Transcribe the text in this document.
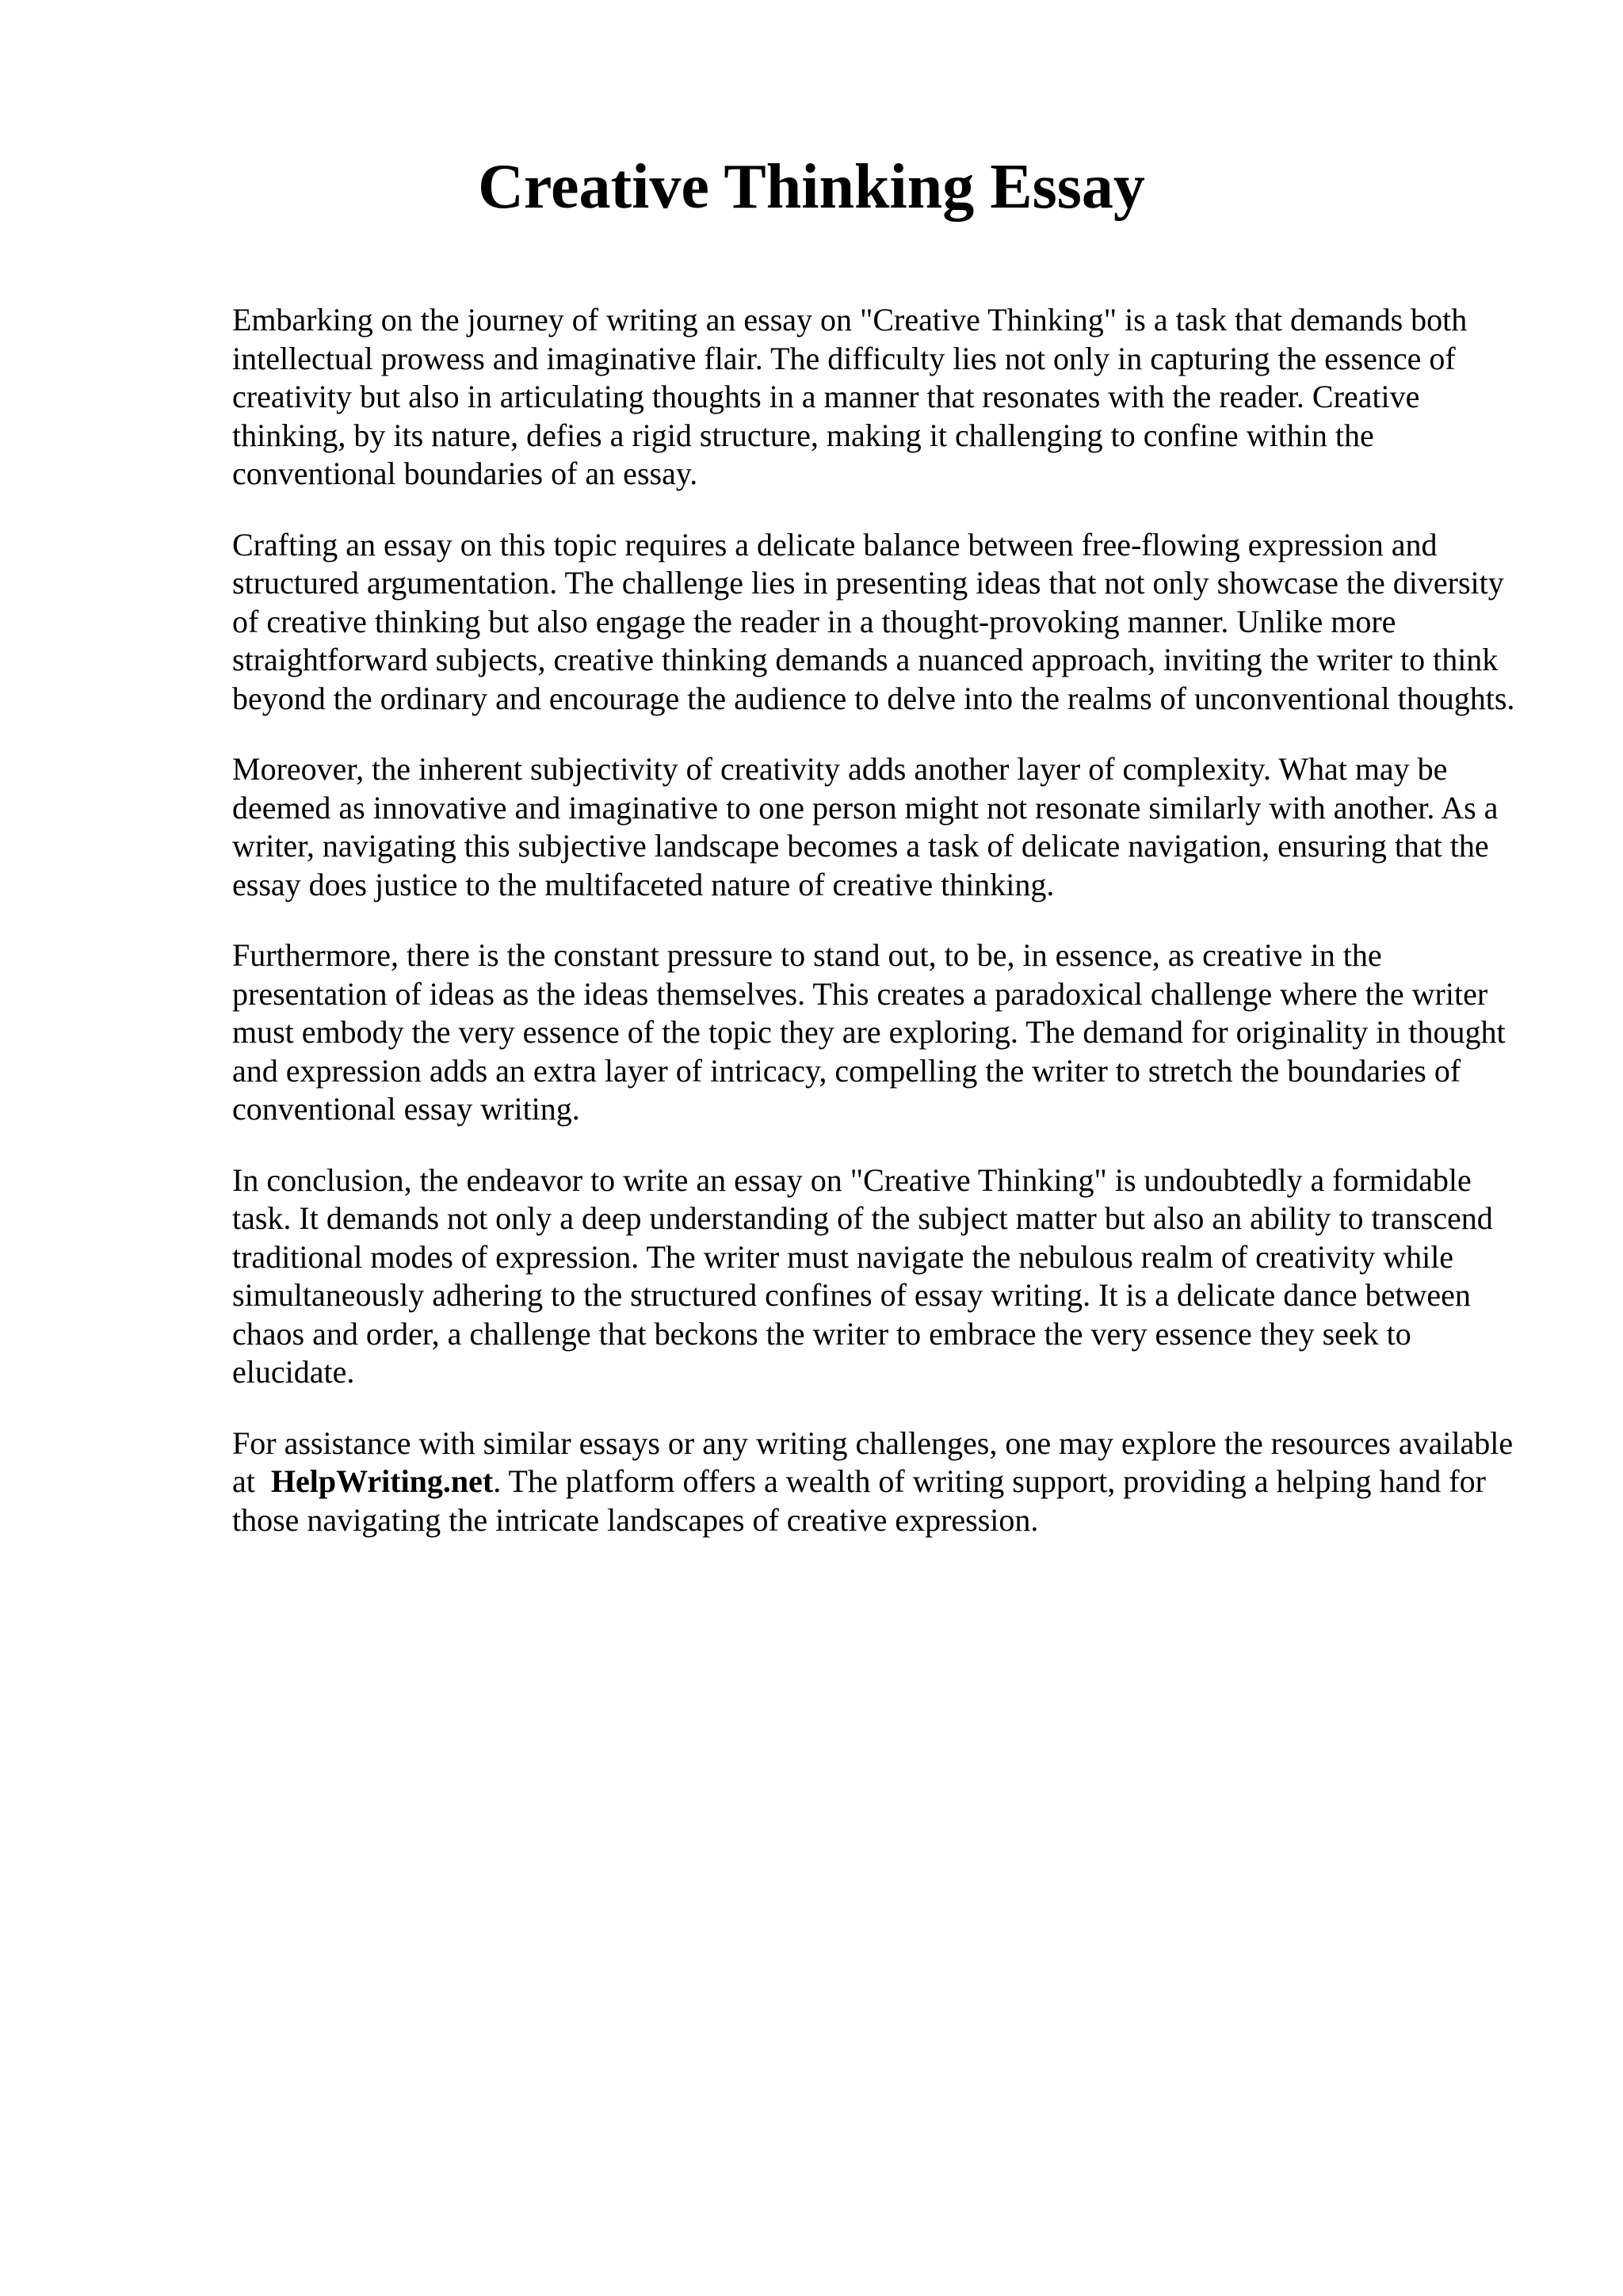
Creative Thinking Essay

Embarking on the journey of writing an essay on "Creative Thinking" is a task that demands both intellectual prowess and imaginative flair. The difficulty lies not only in capturing the essence of creativity but also in articulating thoughts in a manner that resonates with the reader. Creative thinking, by its nature, defies a rigid structure, making it challenging to confine within the conventional boundaries of an essay.

Crafting an essay on this topic requires a delicate balance between free-flowing expression and structured argumentation. The challenge lies in presenting ideas that not only showcase the diversity of creative thinking but also engage the reader in a thought-provoking manner. Unlike more straightforward subjects, creative thinking demands a nuanced approach, inviting the writer to think beyond the ordinary and encourage the audience to delve into the realms of unconventional thoughts.

Moreover, the inherent subjectivity of creativity adds another layer of complexity. What may be deemed as innovative and imaginative to one person might not resonate similarly with another. As a writer, navigating this subjective landscape becomes a task of delicate navigation, ensuring that the essay does justice to the multifaceted nature of creative thinking.

Furthermore, there is the constant pressure to stand out, to be, in essence, as creative in the presentation of ideas as the ideas themselves. This creates a paradoxical challenge where the writer must embody the very essence of the topic they are exploring. The demand for originality in thought and expression adds an extra layer of intricacy, compelling the writer to stretch the boundaries of conventional essay writing.

In conclusion, the endeavor to write an essay on "Creative Thinking" is undoubtedly a formidable task. It demands not only a deep understanding of the subject matter but also an ability to transcend traditional modes of expression. The writer must navigate the nebulous realm of creativity while simultaneously adhering to the structured confines of essay writing. It is a delicate dance between chaos and order, a challenge that beckons the writer to embrace the very essence they seek to elucidate.

For assistance with similar essays or any writing challenges, one may explore the resources available at HelpWriting.net. The platform offers a wealth of writing support, providing a helping hand for those navigating the intricate landscapes of creative expression.
